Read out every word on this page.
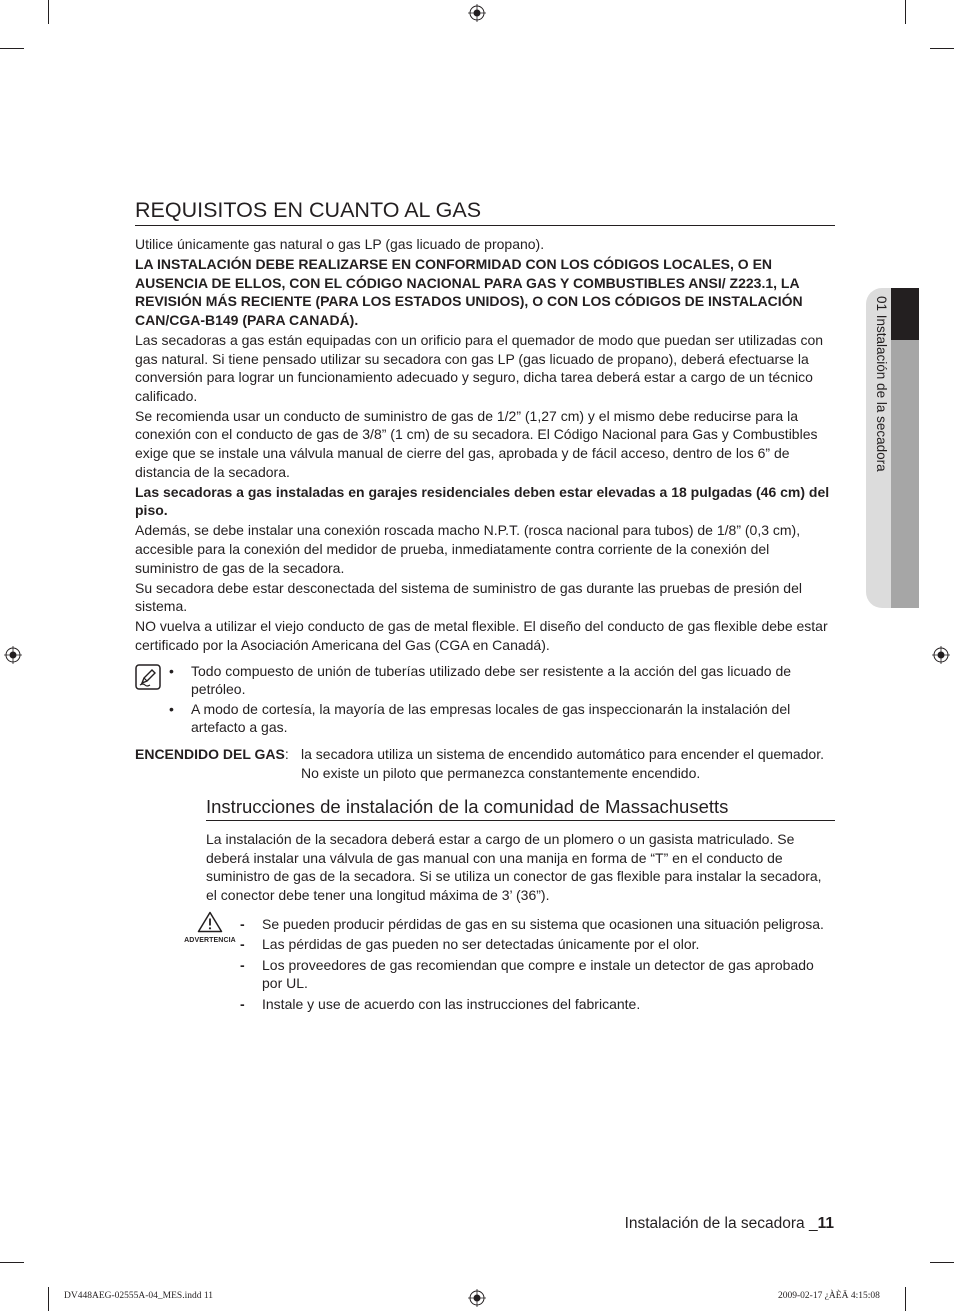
01 Instalación de la secadora
REQUISITOS EN CUANTO AL GAS

Utilice únicamente gas natural o gas LP (gas licuado de propano).

LA INSTALACIÓN DEBE REALIZARSE EN CONFORMIDAD CON LOS CÓDIGOS LOCALES, O EN AUSENCIA DE ELLOS, CON EL CÓDIGO NACIONAL PARA GAS Y COMBUSTIBLES ANSI/ Z223.1, LA REVISIÓN MÁS RECIENTE (PARA LOS ESTADOS UNIDOS), O CON LOS CÓDIGOS DE INSTALACIÓN CAN/CGA-B149 (PARA CANADÁ).

Las secadoras a gas están equipadas con un orificio para el quemador de modo que puedan ser utilizadas con gas natural. Si tiene pensado utilizar su secadora con gas LP (gas licuado de propano), deberá efectuarse la conversión para lograr un funcionamiento adecuado y seguro, dicha tarea deberá estar a cargo de un técnico calificado.

Se recomienda usar un conducto de suministro de gas de 1/2” (1,27 cm) y el mismo debe reducirse para la conexión con el conducto de gas de 3/8” (1 cm) de su secadora. El Código Nacional para Gas y Combustibles exige que se instale una válvula manual de cierre del gas, aprobada y de fácil acceso, dentro de los 6” de distancia de la secadora.

Las secadoras a gas instaladas en garajes residenciales deben estar elevadas a 18 pulgadas (46 cm) del piso.

Además, se debe instalar una conexión roscada macho N.P.T. (rosca nacional para tubos) de 1/8” (0,3 cm), accesible para la conexión del medidor de prueba, inmediatamente contra corriente de la conexión del suministro de gas de la secadora.

Su secadora debe estar desconectada del sistema de suministro de gas durante las pruebas de presión del sistema.

NO vuelva a utilizar el viejo conducto de gas de metal flexible. El diseño del conducto de gas flexible debe estar certificado por la Asociación Americana del Gas (CGA en Canadá).

• Todo compuesto de unión de tuberías utilizado debe ser resistente a la acción del gas licuado de petróleo.
• A modo de cortesía, la mayoría de las empresas locales de gas inspeccionarán la instalación del artefacto a gas.
ENCENDIDO DEL GAS: la secadora utiliza un sistema de encendido automático para encender el quemador.
No existe un piloto que permanezca constantemente encendido.
Instrucciones de instalación de la comunidad de Massachusetts

La instalación de la secadora deberá estar a cargo de un plomero o un gasista matriculado. Se deberá instalar una válvula de gas manual con una manija en forma de “T” en el conducto de suministro de gas de la secadora. Si se utiliza un conector de gas flexible para instalar la secadora, el conector debe tener una longitud máxima de 3’ (36”).

ADVERTENCIA
- Se pueden producir pérdidas de gas en su sistema que ocasionen una situación peligrosa.
- Las pérdidas de gas pueden no ser detectadas únicamente por el olor.
- Los proveedores de gas recomiendan que compre e instale un detector de gas aprobado por UL.
- Instale y use de acuerdo con las instrucciones del fabricante.
Instalación de la secadora _11
DV448AEG-02555A-04_MES.indd 11	2009-02-17 ¿ÀÈÄ 4:15:08
